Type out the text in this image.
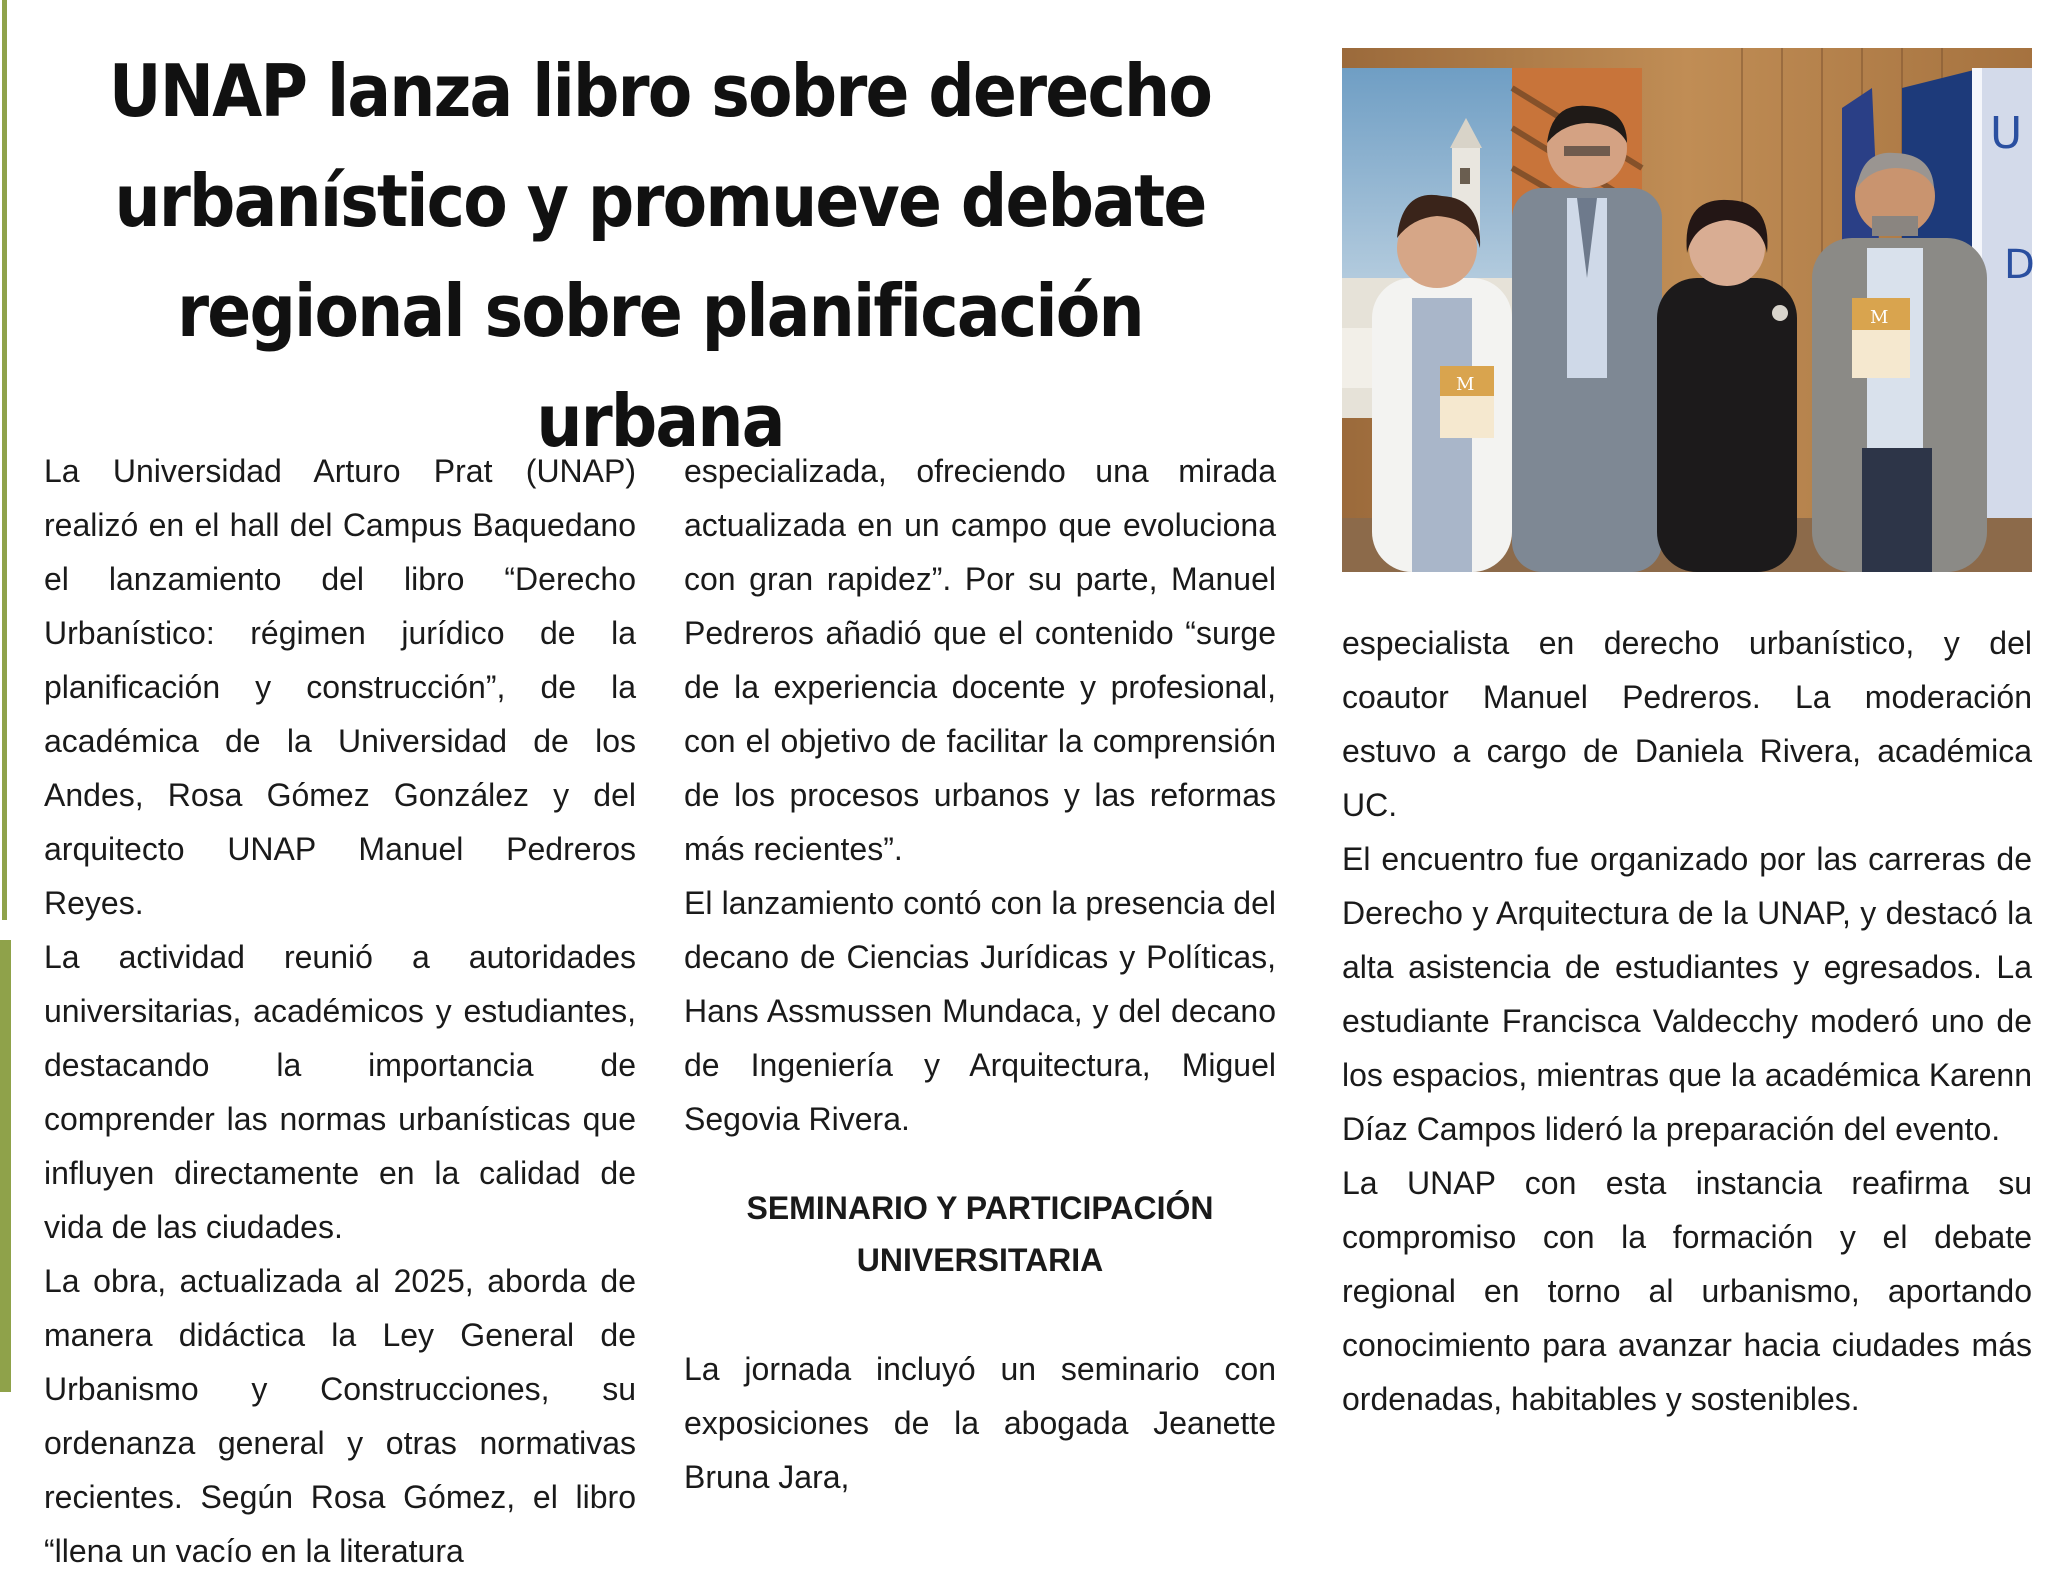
UNAP lanza libro sobre derecho urbanístico y promueve debate regional sobre planificación urbana
U
D
M
M

La Universidad Arturo Prat (UNAP) realizó en el hall del Campus Baquedano el lanzamiento del libro “Derecho Urbanístico: régimen jurídico de la planificación y construcción”, de la académica de la Universidad de los Andes, Rosa Gómez González y del arquitecto UNAP Manuel Pedreros Reyes.

La actividad reunió a autoridades universitarias, académicos y estudiantes, destacando la importancia de comprender las normas urbanísticas que influyen directamente en la calidad de vida de las ciudades.

La obra, actualizada al 2025, aborda de manera didáctica la Ley General de Urbanismo y Construcciones, su ordenanza general y otras normativas recientes. Según Rosa Gómez, el libro “llena un vacío en la literatura

especializada, ofreciendo una mirada actualizada en un campo que evoluciona con gran rapidez”. Por su parte, Manuel Pedreros añadió que el contenido “surge de la experiencia docente y profesional, con el objetivo de facilitar la comprensión de los procesos urbanos y las reformas más recientes”.

El lanzamiento contó con la presencia del decano de Ciencias Jurídicas y Políticas, Hans Assmussen Mundaca, y del decano de Ingeniería y Arquitectura, Miguel Segovia Rivera.

SEMINARIO Y PARTICIPACIÓN UNIVERSITARIA

La jornada incluyó un seminario con exposiciones de la abogada Jeanette Bruna Jara,

especialista en derecho urbanístico, y del coautor Manuel Pedreros. La moderación estuvo a cargo de Daniela Rivera, académica UC.

El encuentro fue organizado por las carreras de Derecho y Arquitectura de la UNAP, y destacó la alta asistencia de estudiantes y egresados. La estudiante Francisca Valdecchy moderó uno de los espacios, mientras que la académica Karenn Díaz Campos lideró la preparación del evento.

La UNAP con esta instancia reafirma su compromiso con la formación y el debate regional en torno al urbanismo, aportando conocimiento para avanzar hacia ciudades más ordenadas, habitables y sostenibles.
